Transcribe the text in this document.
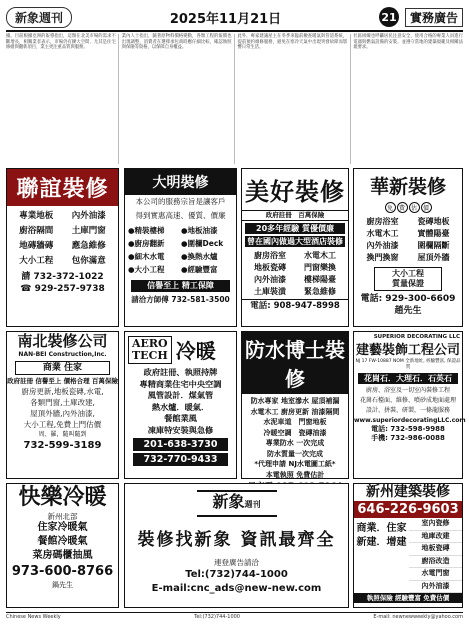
新象週刊	2025年11月21日	21	實務廣告

據。目前根據亞洲的報導指出，這類在北美市場的需求不斷增長，相關業者表示，市場仍有擴大空間，尤其是住宅修繕與翻新項目，業主更注重品質與服務。

業內人士指出，隨著原物料價格變動，各類工程的報價也出現調整，消費者在選擇承包商時應仔細比較，確認執照與保險等資格，以保障自身權益。

此外，專家建議屋主在冬季來臨前檢查暖氣與管道系統，提前預約維修服務，避免在寒冷天氣中出現突發故障而影響日常生活。

社區組織也呼籲居民注意安全，使用合格的專業人員進行電器與燃氣設備的安裝，並遵守當地的建築規範及相關法規要求。

聯誼裝修
專業地板	內外油漆
廚浴隔間	土庫門窗
地磚牆磚	應急維修
大小工程	包你滿意
請 732-372-1022
☎ 929-257-9738
大明裝修
本公司的服務宗旨是讓客戶
得到實惠高速、優質、價廉
●精裝樓梯	●地板油漆
●廚房翻新	●圍欄Deck
●細木水電	●換熱水爐
●大小工程	●經驗豐富
信譽至上 精工保障
請洽方師傅 732-581-3500
美好裝修
政府註冊　百萬保險
20多年經驗 質優價廉
曾在國內做過大型酒店裝修
廚房浴室	水電木工
地板瓷磚	門窗樂換
內外油漆	樓梯陽臺
土庫裝潢	緊急維修
電話: 908-947-8998
華新裝修
免 費 估 價
廚房浴室	瓷磚地板
水電木工	實體陽臺
內外油漆	圍欄隔斷
換門換窗	屋頂外牆
大小工程
質量保證
電話: 929-300-6609
趙先生
南北裝修公司
NAN-BEI Construction,Inc.
商業 住家
政府註冊 信譽至上 價格合理 百萬保險
廚房更新,地板瓷磚,水電,
各類門窗,土庫改建,
屋頂外牆,內外油漆,
大小工程,免費上門估價
周、羅，隨叫隨到
732-599-3189
AERO
TECH 冷暖
政府註冊、執照持牌
專精商業住宅中央空調
風管設計．煤氣管
熱水爐．暖氣．
餐館業風
凍庫特安裝與急修
201-638-3730
732-770-9433
防水博士裝修
防水專家 地室滲水 屋頂補漏
水電木工 廚房更新 油漆隔間
水泥車道　門窗地板
冷暖空調　瓷磚油漆
專業防水 一次完成
防水質量一次完成
*代理申請 NJ水電圖工紙*
本電執照 免費估計
SUPERIOR DECORATING LLC
建藝裝飾工程公司
NJ 17 FW-10887 NOM 全新地址, 經驗豐富, 保證品質
花崗石．大理石．石英石
廚房、浴室及一切室內裝修工程
花崗石檯面、維修、噴砂成地面處理
設計、拼裝、研製，一條龍服務
www.superiordecoratingLLC.com
電話: 732-598-9988
手機: 732-986-0088
快樂冷暖
新州北部
住家冷暖氣
餐館冷暖氣
菜房碼櫃抽風
973-600-8766
鍋先生
新象週刊
裝修找新象 資訊最齊全
連登廣告請洽
Tel:(732)744-1000
E-mail:cnc_ads@new-new.com
新州建築裝修
646-226-9603
商業．住家
新建．增建
室內瓷修
地庫改建
地板瓷磚
廚浴改造
水電門窗
內外油漆
執照保險 經驗豐富 免費估價
Chinese News Weekly	Tel:(732)744-1000	E-mail: newnewweekly@yahoo.com
